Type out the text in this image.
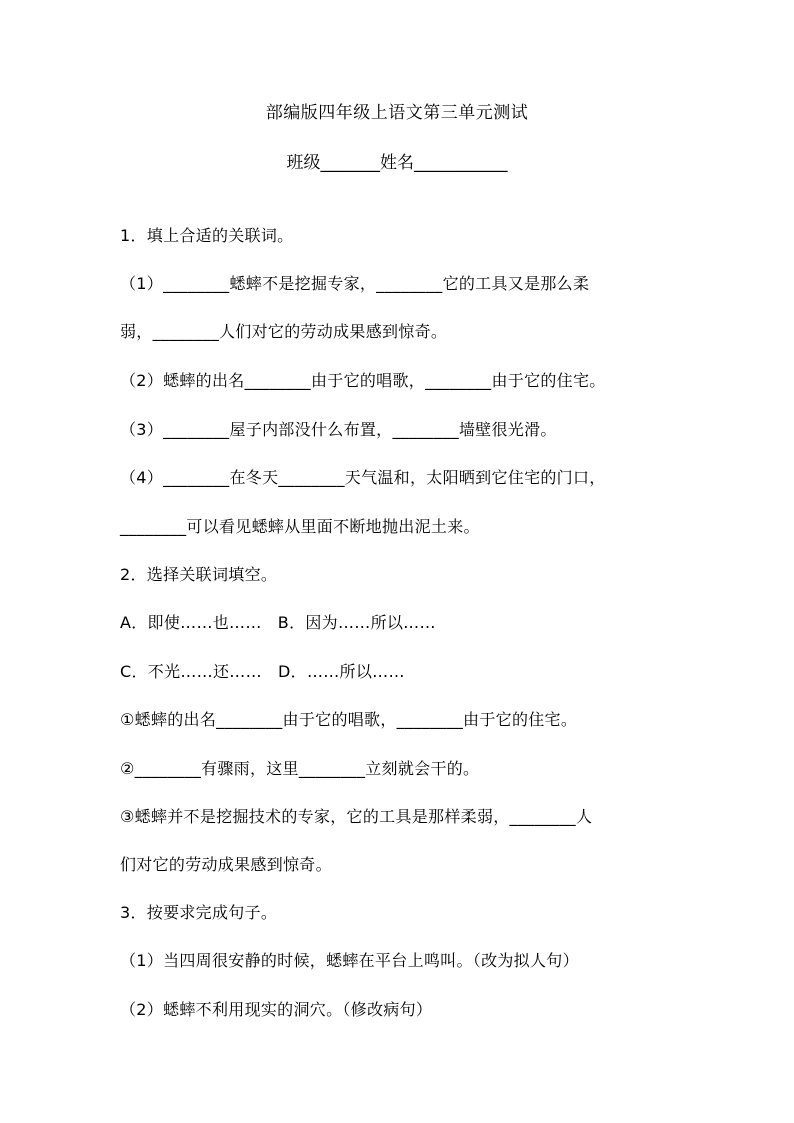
部编版四年级上语文第三单元测试
班级_______姓名___________
1．填上合适的关联词。
（1）________蟋蟀不是挖掘专家，________它的工具又是那么柔
弱，________人们对它的劳动成果感到惊奇。
（2）蟋蟀的出名________由于它的唱歌，________由于它的住宅。
（3）________屋子内部没什么布置，________墙壁很光滑。
（4）________在冬天________天气温和，太阳晒到它住宅的门口，
________可以看见蟋蟀从里面不断地抛出泥土来。
2．选择关联词填空。
A．即使……也……   B．因为……所以……
C．不光……还……   D．……所以……
①蟋蟀的出名________由于它的唱歌，________由于它的住宅。
②________有骤雨，这里________立刻就会干的。
③蟋蟀并不是挖掘技术的专家，它的工具是那样柔弱，________人
们对它的劳动成果感到惊奇。
3．按要求完成句子。
（1）当四周很安静的时候，蟋蟀在平台上鸣叫。（改为拟人句）
（2）蟋蟀不利用现实的洞穴。（修改病句）
